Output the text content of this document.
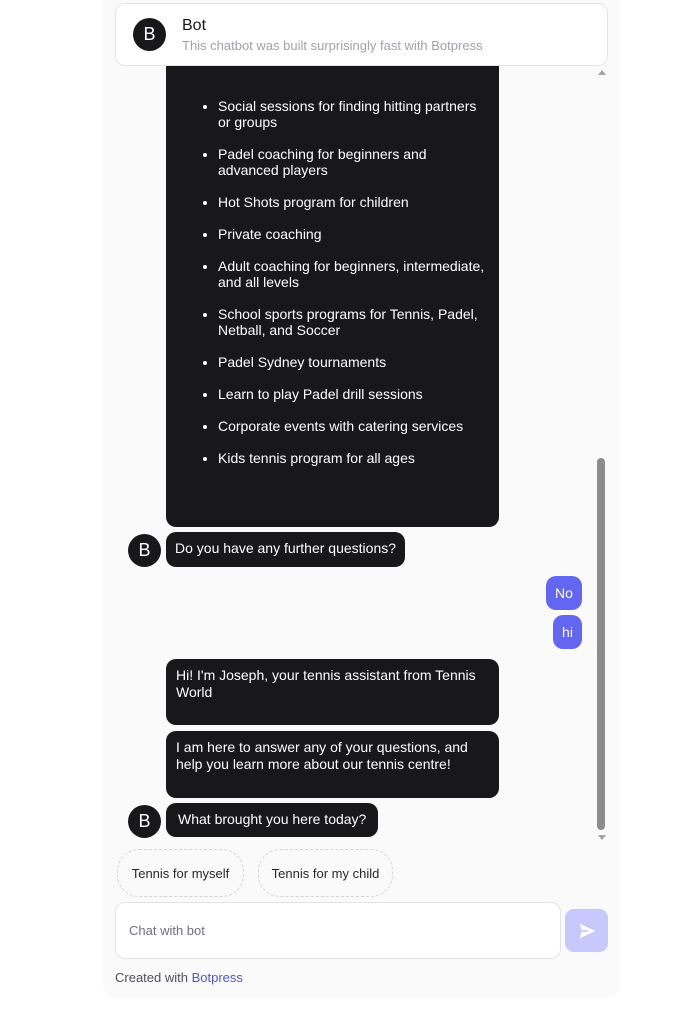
B	Bot
This chatbot was built surprisingly fast with Botpress
• Social sessions for finding hitting partners or groups
• Padel coaching for beginners and advanced players
• Hot Shots program for children
• Private coaching
• Adult coaching for beginners, intermediate, and all levels
• School sports programs for Tennis, Padel, Netball, and Soccer
• Padel Sydney tournaments
• Learn to play Padel drill sessions
• Corporate events with catering services
• Kids tennis program for all ages
B	Do you have any further questions?
No
hi
Hi! I'm Joseph, your tennis assistant from Tennis World
I am here to answer any of your questions, and help you learn more about our tennis centre!
B	What brought you here today?
Tennis for myself	Tennis for my child
Chat with bot
Created with Botpress
